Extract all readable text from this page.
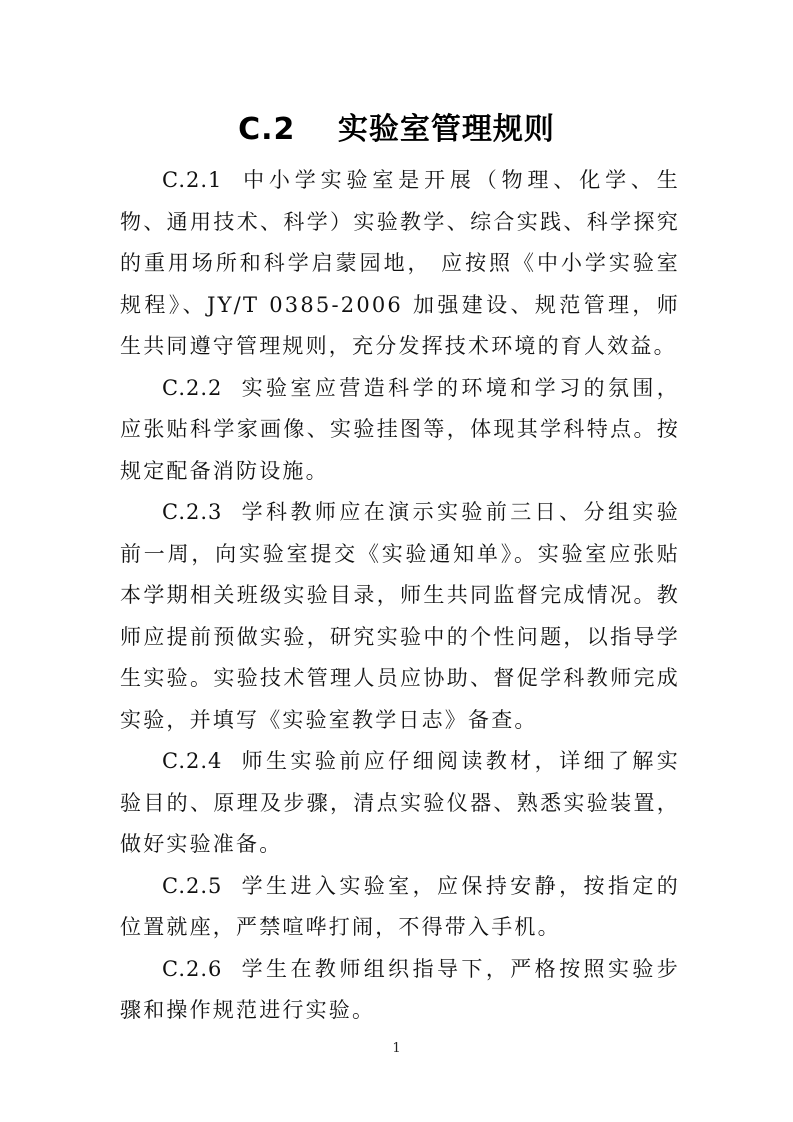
C.2　 实验室管理规则

C.2.1 中小学实验室是开展（物理、化学、生物、通用技术、科学）实验教学、综合实践、科学探究的重用场所和科学启蒙园地， 应按照《中小学实验室规程》、JY/T 0385-2006 加强建设、规范管理，师生共同遵守管理规则，充分发挥技术环境的育人效益。

C.2.2 实验室应营造科学的环境和学习的氛围，应张贴科学家画像、实验挂图等，体现其学科特点。按规定配备消防设施。

C.2.3 学科教师应在演示实验前三日、分组实验前一周，向实验室提交《实验通知单》。实验室应张贴本学期相关班级实验目录，师生共同监督完成情况。教师应提前预做实验，研究实验中的个性问题，以指导学生实验。实验技术管理人员应协助、督促学科教师完成实验，并填写《实验室教学日志》备查。

C.2.4 师生实验前应仔细阅读教材，详细了解实验目的、原理及步骤，清点实验仪器、熟悉实验装置，做好实验准备。

C.2.5 学生进入实验室，应保持安静，按指定的位置就座，严禁喧哗打闹，不得带入手机。

C.2.6 学生在教师组织指导下，严格按照实验步骤和操作规范进行实验。

1
